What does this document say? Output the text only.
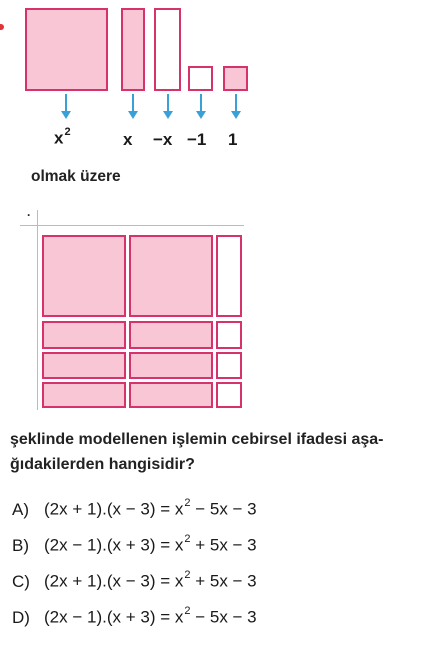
$x^2$	x −x −1 1
olmak üzere
.
şeklinde modellenen işlemin cebirsel ifadesi aşa-
ğıdakilerden hangisidir?
A) $(2x + 1).(x - 3) = x^2 - 5x - 3$
B) $(2x - 1).(x + 3) = x^2 + 5x - 3$
C) $(2x + 1).(x - 3) = x^2 + 5x - 3$
D) $(2x - 1).(x + 3) = x^2 - 5x - 3$
